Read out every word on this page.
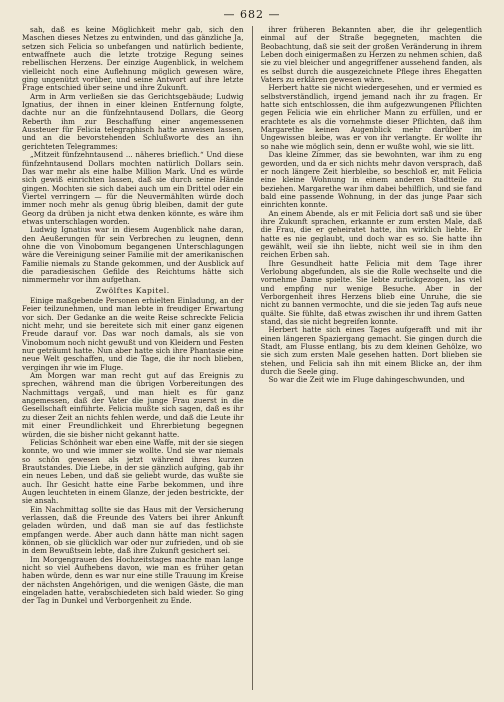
— 682 —

sah, daß es keine Möglichkeit mehr gab, sich den Maschen dieses Netzes zu entwinden, und das gänzliche Ja, setzen sich Felicia so unbefangen und natürlich bediente, entwaffnete auch die letzte trotzige Regung seines rebellischen Herzens. Der einzige Augenblick, in welchem vielleicht noch eine Auflehnung möglich gewesen wäre, ging ungenützt vorüber, und seine Antwort auf ihre letzte Frage entschied über seine und ihre Zukunft.

Arm in Arm verließen sie das Gerichtsgebäude; Ludwig Ignatius, der ihnen in einer kleinen Entfernung folgte, dachte nur an die fünfzehntausend Dollars, die Georg Reberth ihm zur Beschaffung einer angemessenen Aussteuer für Felicia telegraphisch hatte anweisen lassen, und an die bevorstehenden Schlußworte des an ihn gerichteten Telegrammes:

„Mitzeit fünfzehntausend ... näheres brieflich.“ Und diese fünfzehntausend Dollars mochten natürlich Dollars sein. Das war mehr als eine halbe Million Mark. Und es würde sich gewiß einrichten lassen, daß sie durch seine Hände gingen. Mochten sie sich dabei auch um ein Drittel oder ein Viertel verringern — für die Neuvermählten würde doch immer noch mehr als genug übrig bleiben, damit der gute Georg da drüben ja nicht etwa denken könnte, es wäre ihm etwas unterschlagen worden.

Ludwig Ignatius war in diesem Augenblick nahe daran, den Aeußerungen für sein Verbrechen zu leugnen, denn ohne die von Vinobomum begangenen Unterschlagungen wäre die Vereinigung seiner Familie mit der amerikanischen Familie niemals zu Stande gekommen, und der Ausblick auf die paradiesischen Gefilde des Reichtums hätte sich nimmermehr vor ihm aufgethan.

Zwölftes Kapitel.

Einige maßgebende Personen erhielten Einladung, an der Feier teilzunehmen, und man lebte in freudiger Erwartung vor sich. Der Gedanke an die weite Reise schreckte Felicia nicht mehr, und sie bereitete sich mit einer ganz eigenen Freude darauf vor. Das war noch damals, als sie von Vinobomum noch nicht gewußt und von Kleidern und Festen nur geträumt hatte. Nun aber hatte sich ihre Phantasie eine neue Welt geschaffen, und die Tage, die ihr noch blieben, vergingen ihr wie im Fluge.

Am Morgen war man recht gut auf das Ereignis zu sprechen, während man die übrigen Vorbereitungen des Nachmittags vergaß, und man hielt es für ganz angemessen, daß der Vater die junge Frau zuerst in die Gesellschaft einführte. Felicia mußte sich sagen, daß es ihr zu dieser Zeit an nichts fehlen werde, und daß die Leute ihr mit einer Freundlichkeit und Ehrerbietung begegnen würden, die sie bisher nicht gekannt hatte.

Felicias Schönheit war eben eine Waffe, mit der sie siegen konnte, wo und wie immer sie wollte. Und sie war niemals so schön gewesen als jetzt während ihres kurzen Brautstandes. Die Liebe, in der sie gänzlich aufging, gab ihr ein neues Leben, und daß sie geliebt wurde, das wußte sie auch. Ihr Gesicht hatte eine Farbe bekommen, und ihre Augen leuchteten in einem Glanze, der jeden bestrickte, der sie ansah.

Ein Nachmittag sollte sie das Haus mit der Versicherung verlassen, daß die Freunde des Vaters bei ihrer Ankunft geladen würden, und daß man sie auf das festlichste empfangen werde. Aber auch dann hätte man nicht sagen können, ob sie glücklich war oder nur zufrieden, und ob sie in dem Bewußtsein lebte, daß ihre Zukunft gesichert sei.

Im Morgengrauen des Hochzeitstages machte man lange nicht so viel Aufhebens davon, wie man es früher getan haben würde, denn es war nur eine stille Trauung im Kreise der nächsten Angehörigen, und die wenigen Gäste, die man eingeladen hatte, verabschiedeten sich bald wieder. So ging der Tag in Dunkel und Verborgenheit zu Ende.

ihrer früheren Bekannten aber, die ihr gelegentlich einmal auf der Straße begegneten, machten die Beobachtung, daß sie seit der großen Veränderung in ihrem Leben doch einigermaßen zu Herzen zu nehmen schien, daß sie zu viel bleicher und angegriffener aussehend fanden, als es selbst durch die ausgezeichnete Pflege ihres Ehegatten Vaters zu erklären gewesen wäre.

Herbert hatte sie nicht wiedergesehen, und er vermied es selbstverständlich, irgend jemand nach ihr zu fragen. Er hatte sich entschlossen, die ihm aufgezwungenen Pflichten gegen Felicia wie ein ehrlicher Mann zu erfüllen, und er erachtete es als die vornehmste dieser Pflichten, daß ihm Margarethe keinen Augenblick mehr darüber im Ungewissen bleibe, was er von ihr verlangte. Er wollte ihr so nahe wie möglich sein, denn er wußte wohl, wie sie litt.

Das kleine Zimmer, das sie bewohnten, war ihm zu eng geworden, und da er sich nichts mehr davon versprach, daß er noch längere Zeit hierbleibe, so beschloß er, mit Felicia eine kleine Wohnung in einem anderen Stadtteile zu beziehen. Margarethe war ihm dabei behilflich, und sie fand bald eine passende Wohnung, in der das junge Paar sich einrichten konnte.

An einem Abende, als er mit Felicia dort saß und sie über ihre Zukunft sprachen, erkannte er zum ersten Male, daß die Frau, die er geheiratet hatte, ihn wirklich liebte. Er hatte es nie geglaubt, und doch war es so. Sie hatte ihn gewählt, weil sie ihn liebte, nicht weil sie in ihm den reichen Erben sah.

Ihre Gesundheit hatte Felicia mit dem Tage ihrer Verlobung abgefunden, als sie die Rolle wechselte und die vornehme Dame spielte. Sie lebte zurückgezogen, las viel und empfing nur wenige Besuche. Aber in der Verborgenheit ihres Herzens blieb eine Unruhe, die sie nicht zu bannen vermochte, und die sie jeden Tag aufs neue quälte. Sie fühlte, daß etwas zwischen ihr und ihrem Gatten stand, das sie nicht begreifen konnte.

Herbert hatte sich eines Tages aufgerafft und mit ihr einen längeren Spaziergang gemacht. Sie gingen durch die Stadt, am Flusse entlang, bis zu dem kleinen Gehölze, wo sie sich zum ersten Male gesehen hatten. Dort blieben sie stehen, und Felicia sah ihn mit einem Blicke an, der ihm durch die Seele ging.

So war die Zeit wie im Fluge dahingeschwunden, und
